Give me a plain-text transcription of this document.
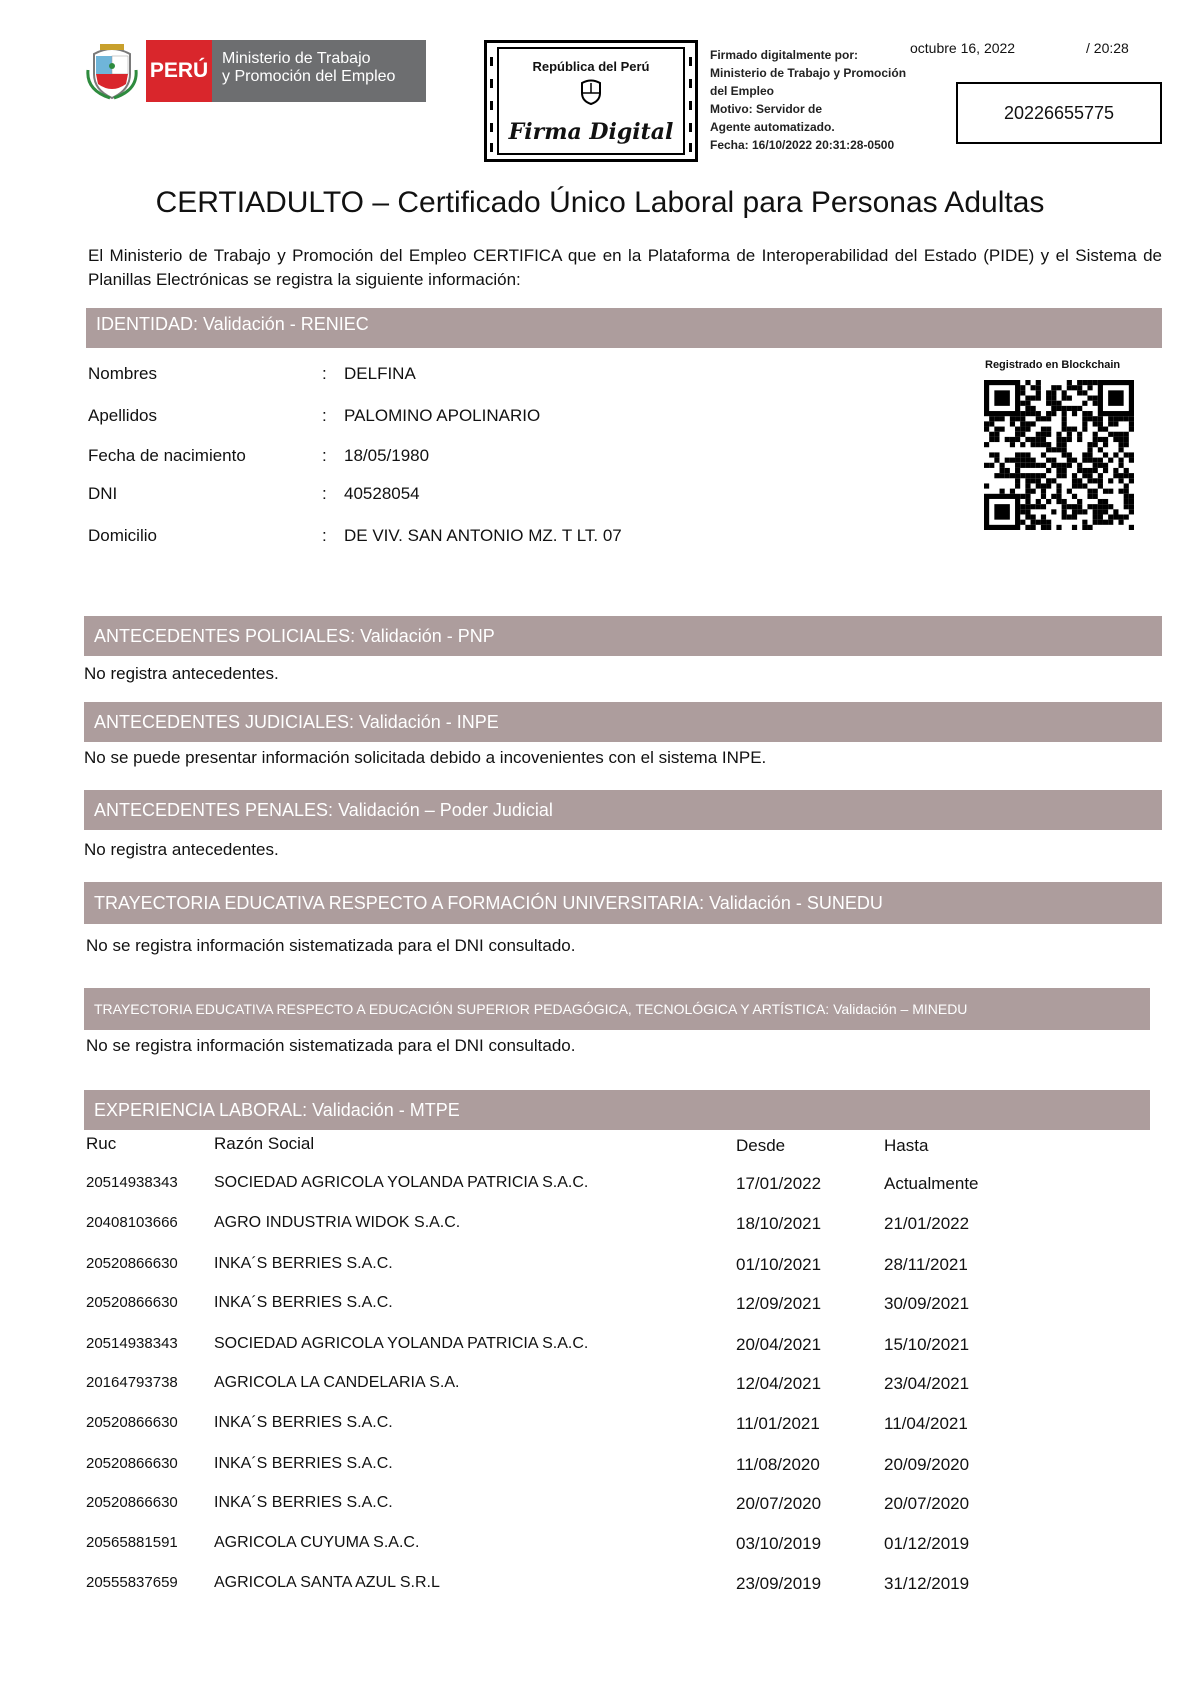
PERÚ
Ministerio de Trabajo
y Promoción del Empleo
República del Perú
Firma Digital
Firmado digitalmente por:
Ministerio de Trabajo y Promoción
del Empleo
Motivo: Servidor de
Agente automatizado.
Fecha: 16/10/2022 20:31:28-0500
octubre 16, 2022	/ 20:28
20226655775
CERTIADULTO – Certificado Único Laboral para Personas Adultas
El Ministerio de Trabajo y Promoción del Empleo CERTIFICA que en la Plataforma de Interoperabilidad del Estado (PIDE) y el Sistema de Planillas Electrónicas se registra la siguiente información:
IDENTIDAD: Validación - RENIEC
Nombres	: DELFINA
Apellidos	: PALOMINO APOLINARIO
Fecha de nacimiento	: 18/05/1980
DNI	: 40528054
Domicilio	: DE VIV. SAN ANTONIO MZ. T LT. 07
Registrado en Blockchain
ANTECEDENTES POLICIALES: Validación - PNP
No registra antecedentes.
ANTECEDENTES JUDICIALES: Validación - INPE
No se puede presentar información solicitada debido a incovenientes con el sistema INPE.
ANTECEDENTES PENALES: Validación – Poder Judicial
No registra antecedentes.
TRAYECTORIA EDUCATIVA RESPECTO A FORMACIÓN UNIVERSITARIA: Validación - SUNEDU
No se registra información sistematizada para el DNI consultado.
TRAYECTORIA EDUCATIVA RESPECTO A EDUCACIÓN SUPERIOR PEDAGÓGICA, TECNOLÓGICA Y ARTÍSTICA: Validación – MINEDU
No se registra información sistematizada para el DNI consultado.
EXPERIENCIA LABORAL: Validación - MTPE
Ruc	Razón Social	Desde	Hasta
20514938343 SOCIEDAD AGRICOLA YOLANDA PATRICIA S.A.C.	17/01/2022	Actualmente
20408103666 AGRO INDUSTRIA WIDOK S.A.C.	18/10/2021	21/01/2022
20520866630 INKA´S BERRIES S.A.C.	01/10/2021	28/11/2021
20520866630 INKA´S BERRIES S.A.C.	12/09/2021	30/09/2021
20514938343 SOCIEDAD AGRICOLA YOLANDA PATRICIA S.A.C.	20/04/2021	15/10/2021
20164793738 AGRICOLA LA CANDELARIA S.A.	12/04/2021	23/04/2021
20520866630 INKA´S BERRIES S.A.C.	11/01/2021	11/04/2021
20520866630 INKA´S BERRIES S.A.C.	11/08/2020	20/09/2020
20520866630 INKA´S BERRIES S.A.C.	20/07/2020	20/07/2020
20565881591 AGRICOLA CUYUMA S.A.C.	03/10/2019	01/12/2019
20555837659 AGRICOLA SANTA AZUL S.R.L	23/09/2019	31/12/2019
